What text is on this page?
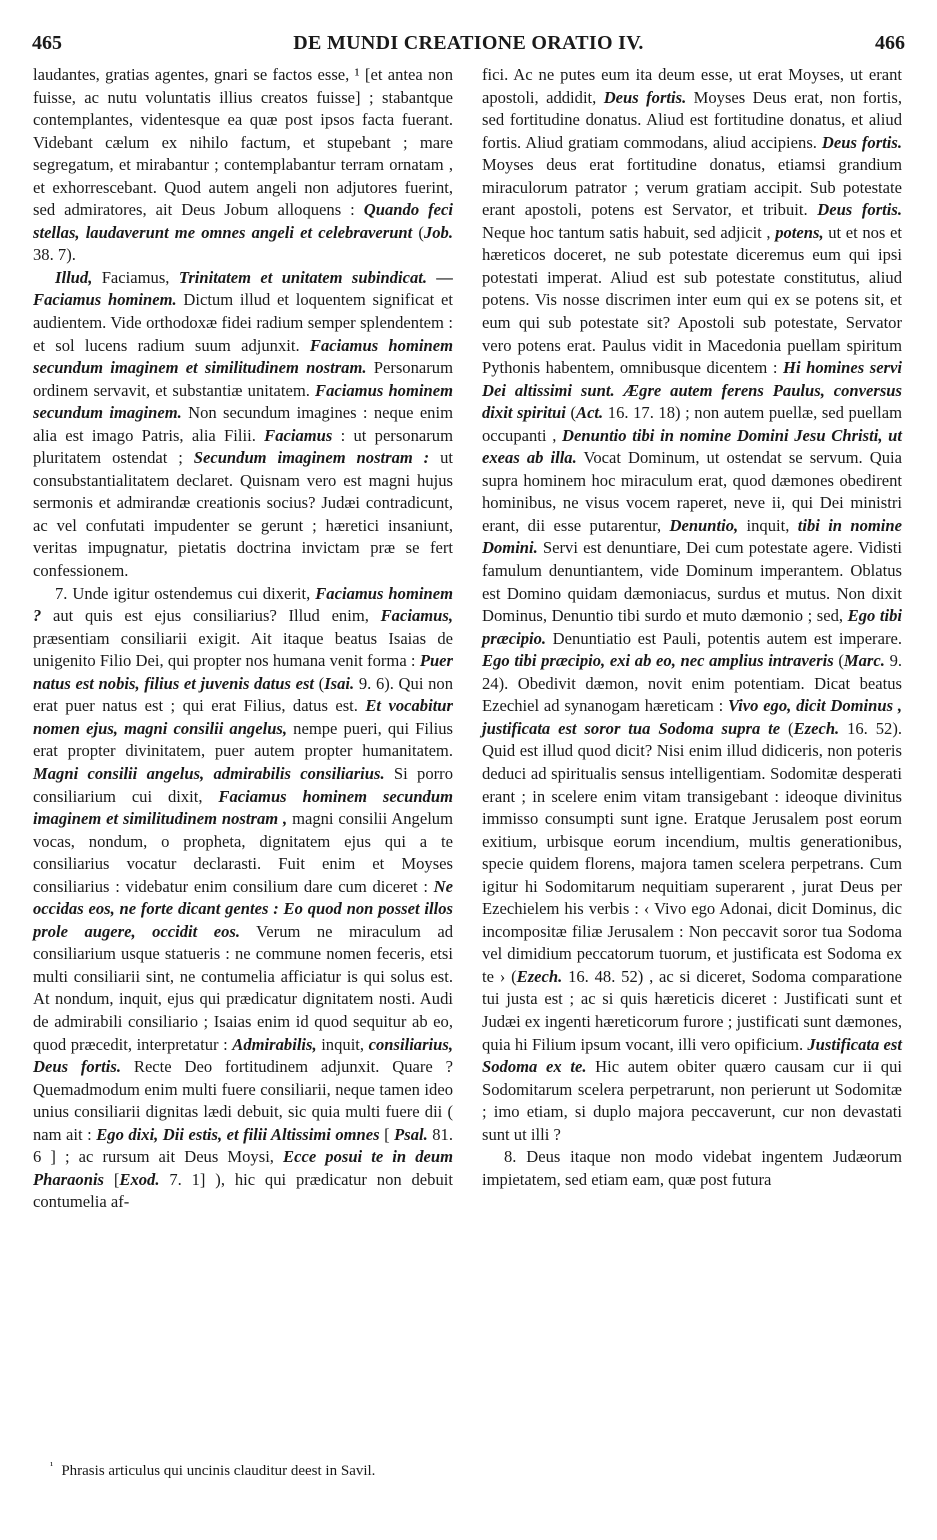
465	DE MUNDI CREATIONE ORATIO IV.	466

laudantes, gratias agentes, gnari se factos esse, ¹ [et antea non fuisse, ac nutu voluntatis illius creatos fuisse] ; stabantque contemplantes, videntesque ea quæ post ipsos facta fuerant. Videbant cælum ex nihilo factum, et stupebant ; mare segregatum, et mirabantur ; contemplabantur terram ornatam , et exhorrescebant. Quod autem angeli non adjutores fuerint, sed admiratores, ait Deus Jobum alloquens : Quando feci stellas, laudaverunt me omnes angeli et celebraverunt (Job. 38. 7).

Illud, Faciamus, Trinitatem et unitatem subindicat. — Faciamus hominem. Dictum illud et loquentem significat et audientem. Vide orthodoxæ fidei radium semper splendentem : et sol lucens radium suum adjunxit. Faciamus hominem secundum imaginem et similitudinem nostram. Personarum ordinem servavit, et substantiæ unitatem. Faciamus hominem secundum imaginem. Non secundum imagines : neque enim alia est imago Patris, alia Filii. Faciamus : ut personarum pluritatem ostendat ; Secundum imaginem nostram : ut consubstantialitatem declaret. Quisnam vero est magni hujus sermonis et admirandæ creationis socius? Judæi contradicunt, ac vel confutati impudenter se gerunt ; hæretici insaniunt, veritas impugnatur, pietatis doctrina invictam præ se fert confessionem.

7. Unde igitur ostendemus cui dixerit, Faciamus hominem ? aut quis est ejus consiliarius? Illud enim, Faciamus, præsentiam consiliarii exigit. Ait itaque beatus Isaias de unigenito Filio Dei, qui propter nos humana venit forma : Puer natus est nobis, filius et juvenis datus est (Isai. 9. 6). Qui non erat puer natus est ; qui erat Filius, datus est. Et vocabitur nomen ejus, magni consilii angelus, nempe pueri, qui Filius erat propter divinitatem, puer autem propter humanitatem. Magni consilii angelus, admirabilis consiliarius. Si porro consiliarium cui dixit, Faciamus hominem secundum imaginem et similitudinem nostram , magni consilii Angelum vocas, nondum, o propheta, dignitatem ejus qui a te consiliarius vocatur declarasti. Fuit enim et Moyses consiliarius : videbatur enim consilium dare cum diceret : Ne occidas eos, ne forte dicant gentes : Eo quod non posset illos prole augere, occidit eos. Verum ne miraculum ad consiliarium usque statueris : ne commune nomen feceris, etsi multi consiliarii sint, ne contumelia afficiatur is qui solus est. At nondum, inquit, ejus qui prædicatur dignitatem nosti. Audi de admirabili consiliario ; Isaias enim id quod sequitur ab eo, quod præcedit, interpretatur : Admirabilis, inquit, consiliarius, Deus fortis. Recte Deo fortitudinem adjunxit. Quare ? Quemadmodum enim multi fuere consiliarii, neque tamen ideo unius consiliarii dignitas lædi debuit, sic quia multi fuere dii ( nam ait : Ego dixi, Dii estis, et filii Altissimi omnes [ Psal. 81. 6 ] ; ac rursum ait Deus Moysi, Ecce posui te in deum Pharaonis [Exod. 7. 1] ), hic qui prædicatur non debuit contumelia af-

fici. Ac ne putes eum ita deum esse, ut erat Moyses, ut erant apostoli, addidit, Deus fortis. Moyses Deus erat, non fortis, sed fortitudine donatus. Aliud est fortitudine donatus, et aliud fortis. Aliud gratiam commodans, aliud accipiens. Deus fortis. Moyses deus erat fortitudine donatus, etiamsi grandium miraculorum patrator ; verum gratiam accipit. Sub potestate erant apostoli, potens est Servator, et tribuit. Deus fortis. Neque hoc tantum satis habuit, sed adjicit , potens, ut et nos et hæreticos doceret, ne sub potestate diceremus eum qui ipsi potestati imperat. Aliud est sub potestate constitutus, aliud potens. Vis nosse discrimen inter eum qui ex se potens sit, et eum qui sub potestate sit? Apostoli sub potestate, Servator vero potens erat. Paulus vidit in Macedonia puellam spiritum Pythonis habentem, omnibusque dicentem : Hi homines servi Dei altissimi sunt. Ægre autem ferens Paulus, conversus dixit spiritui (Act. 16. 17. 18) ; non autem puellæ, sed puellam occupanti , Denuntio tibi in nomine Domini Jesu Christi, ut exeas ab illa. Vocat Dominum, ut ostendat se servum. Quia supra hominem hoc miraculum erat, quod dæmones obedirent hominibus, ne visus vocem raperet, neve ii, qui Dei ministri erant, dii esse putarentur, Denuntio, inquit, tibi in nomine Domini. Servi est denuntiare, Dei cum potestate agere. Vidisti famulum denuntiantem, vide Dominum imperantem. Oblatus est Domino quidam dæmoniacus, surdus et mutus. Non dixit Dominus, Denuntio tibi surdo et muto dæmonio ; sed, Ego tibi præcipio. Denuntiatio est Pauli, potentis autem est imperare. Ego tibi præcipio, exi ab eo, nec amplius intraveris (Marc. 9. 24). Obedivit dæmon, novit enim potentiam. Dicat beatus Ezechiel ad synanogam hæreticam : Vivo ego, dicit Dominus , justificata est soror tua Sodoma supra te (Ezech. 16. 52). Quid est illud quod dicit? Nisi enim illud didiceris, non poteris deduci ad spiritualis sensus intelligentiam. Sodomitæ desperati erant ; in scelere enim vitam transigebant : ideoque divinitus immisso consumpti sunt igne. Eratque Jerusalem post eorum exitium, urbisque eorum incendium, multis generationibus, specie quidem florens, majora tamen scelera perpetrans. Cum igitur hi Sodomitarum nequitiam superarent , jurat Deus per Ezechielem his verbis : ‹ Vivo ego Adonai, dicit Dominus, dic incompositæ filiæ Jerusalem : Non peccavit soror tua Sodoma vel dimidium peccatorum tuorum, et justificata est Sodoma ex te › (Ezech. 16. 48. 52) , ac si diceret, Sodoma comparatione tui justa est ; ac si quis hæreticis diceret : Justificati sunt et Judæi ex ingenti hæreticorum furore ; justificati sunt dæmones, quia hi Filium ipsum vocant, illi vero opificium. Justificata est Sodoma ex te. Hic autem obiter quæro causam cur ii qui Sodomitarum scelera perpetrarunt, non perierunt ut Sodomitæ ; imo etiam, si duplo majora peccaverunt, cur non devastati sunt ut illi ?

8. Deus itaque non modo videbat ingentem Judæorum impietatem, sed etiam eam, quæ post futura

$^{^1}$ Phrasis articulus qui uncinis clauditur deest in Savil.
